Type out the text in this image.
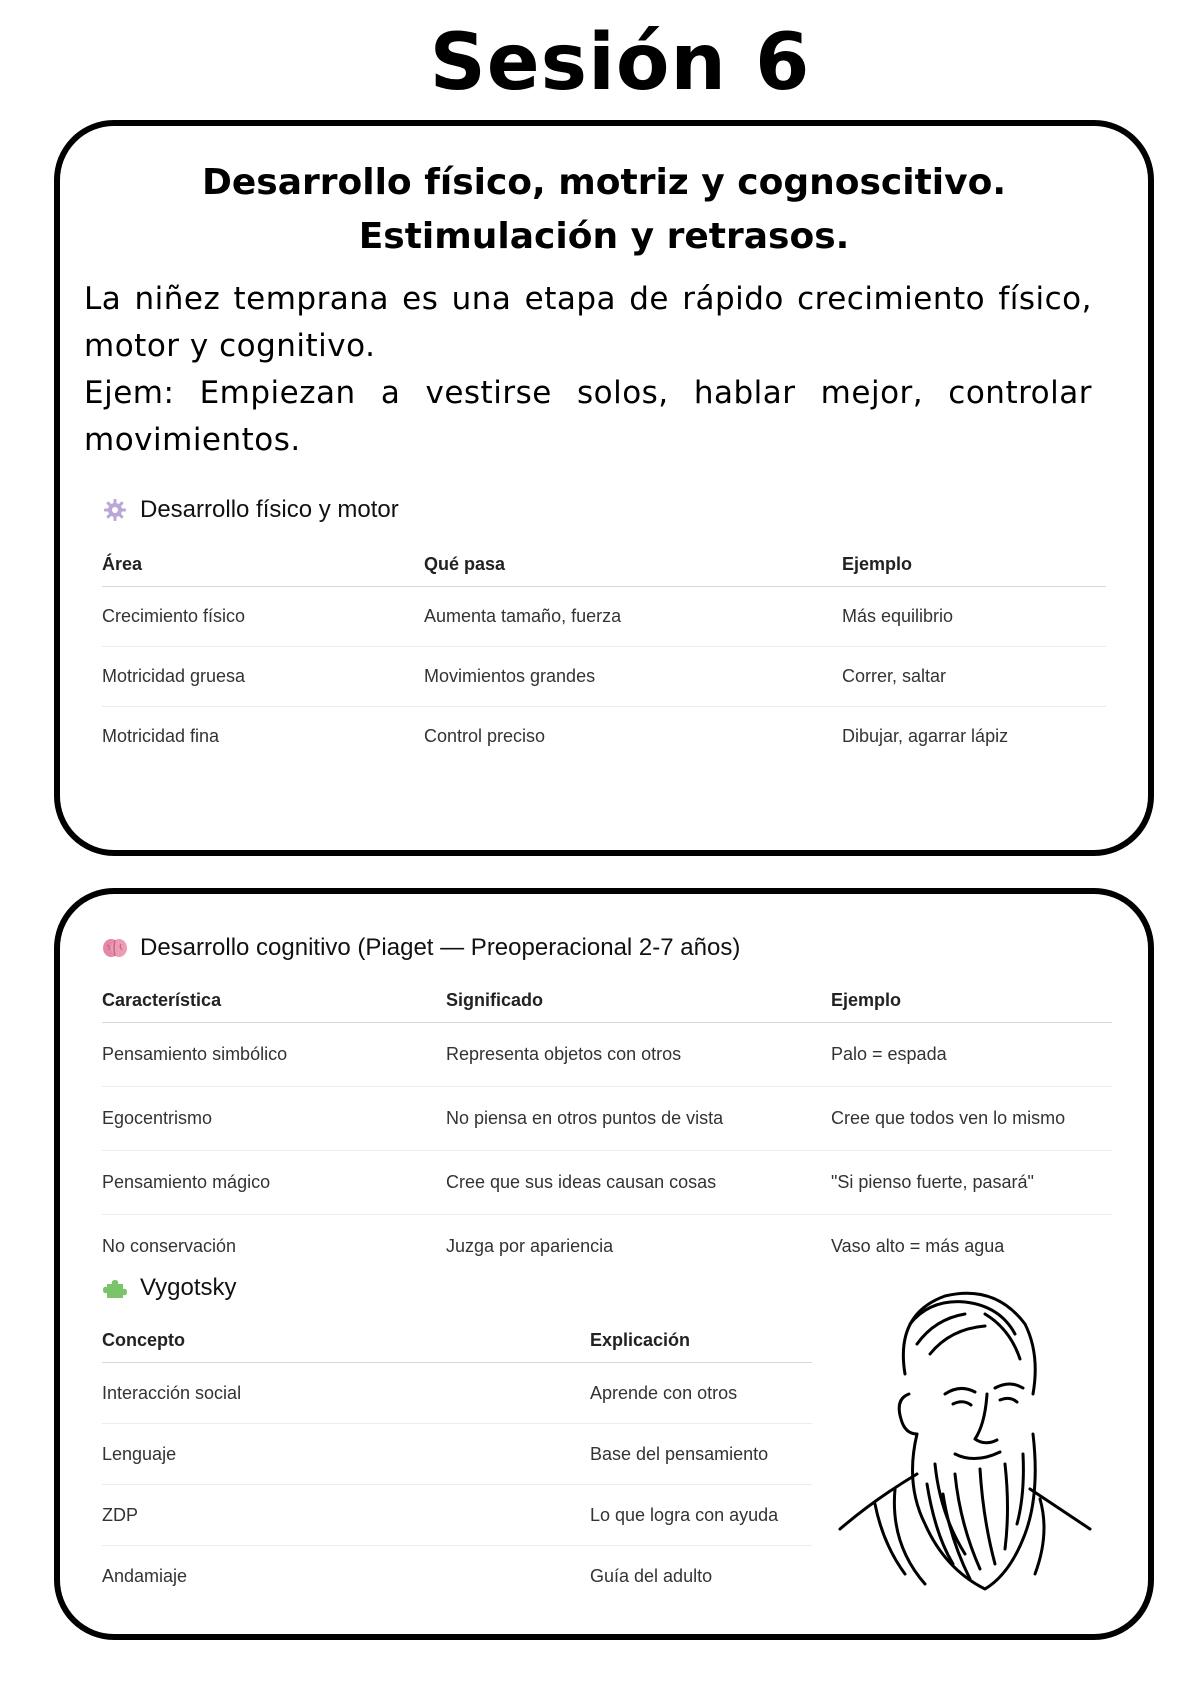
Sesión 6
Desarrollo físico, motriz y cognoscitivo.
Estimulación y retrasos.

La niñez temprana es una etapa de rápido crecimiento físico, motor y cognitivo.

Ejem: Empiezan a vestirse solos, hablar mejor, controlar movimientos.

Desarrollo físico y motor
Área	Qué pasa	Ejemplo
Crecimiento físico	Aumenta tamaño, fuerza	Más equilibrio
Motricidad gruesa	Movimientos grandes	Correr, saltar
Motricidad fina	Control preciso	Dibujar, agarrar lápiz
Desarrollo cognitivo (Piaget — Preoperacional 2-7 años)
Característica	Significado	Ejemplo
Pensamiento simbólico	Representa objetos con otros	Palo = espada
Egocentrismo	No piensa en otros puntos de vista	Cree que todos ven lo mismo
Pensamiento mágico	Cree que sus ideas causan cosas	"Si pienso fuerte, pasará"
No conservación	Juzga por apariencia	Vaso alto = más agua
Vygotsky
Concepto	Explicación
Interacción social	Aprende con otros
Lenguaje	Base del pensamiento
ZDP	Lo que logra con ayuda
Andamiaje	Guía del adulto
